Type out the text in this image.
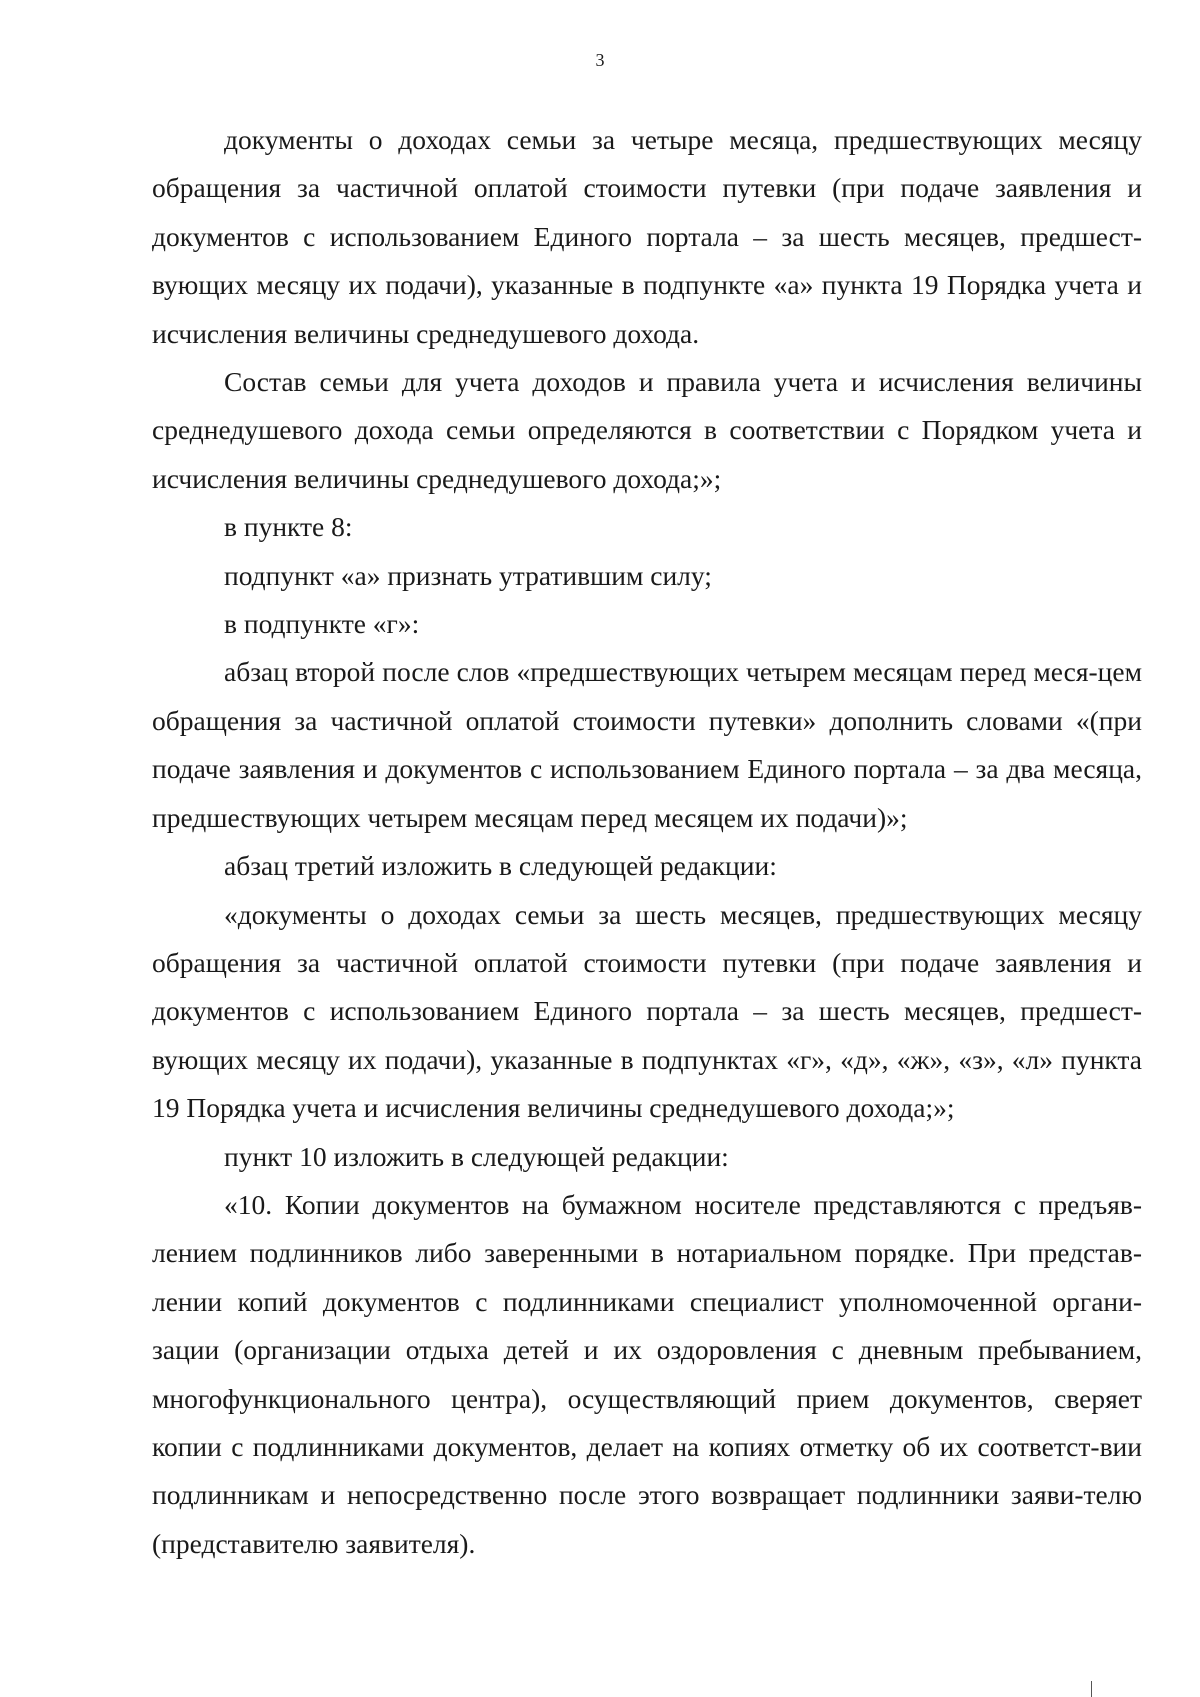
3

документы о доходах семьи за четыре месяца, предшествующих месяцу обращения за частичной оплатой стоимости путевки (при подаче заявления и документов с использованием Единого портала – за шесть месяцев, предшест-вующих месяцу их подачи), указанные в подпункте «а» пункта 19 Порядка учета и исчисления величины среднедушевого дохода.

Состав семьи для учета доходов и правила учета и исчисления величины среднедушевого дохода семьи определяются в соответствии с Порядком учета и исчисления величины среднедушевого дохода;»;

в пункте 8:

подпункт «а» признать утратившим силу;

в подпункте «г»:

абзац второй после слов «предшествующих четырем месяцам перед меся-цем обращения за частичной оплатой стоимости путевки» дополнить словами «(при подаче заявления и документов с использованием Единого портала – за два месяца, предшествующих четырем месяцам перед месяцем их подачи)»;

абзац третий изложить в следующей редакции:

«документы о доходах семьи за шесть месяцев, предшествующих месяцу обращения за частичной оплатой стоимости путевки (при подаче заявления и документов с использованием Единого портала – за шесть месяцев, предшест-вующих месяцу их подачи), указанные в подпунктах «г», «д», «ж», «з», «л» пункта 19 Порядка учета и исчисления величины среднедушевого дохода;»;

пункт 10 изложить в следующей редакции:

«10. Копии документов на бумажном носителе представляются с предъяв-лением подлинников либо заверенными в нотариальном порядке. При представ-лении копий документов с подлинниками специалист уполномоченной органи-зации (организации отдыха детей и их оздоровления с дневным пребыванием, многофункционального центра), осуществляющий прием документов, сверяет копии с подлинниками документов, делает на копиях отметку об их соответст-вии подлинникам и непосредственно после этого возвращает подлинники заяви-телю (представителю заявителя).
